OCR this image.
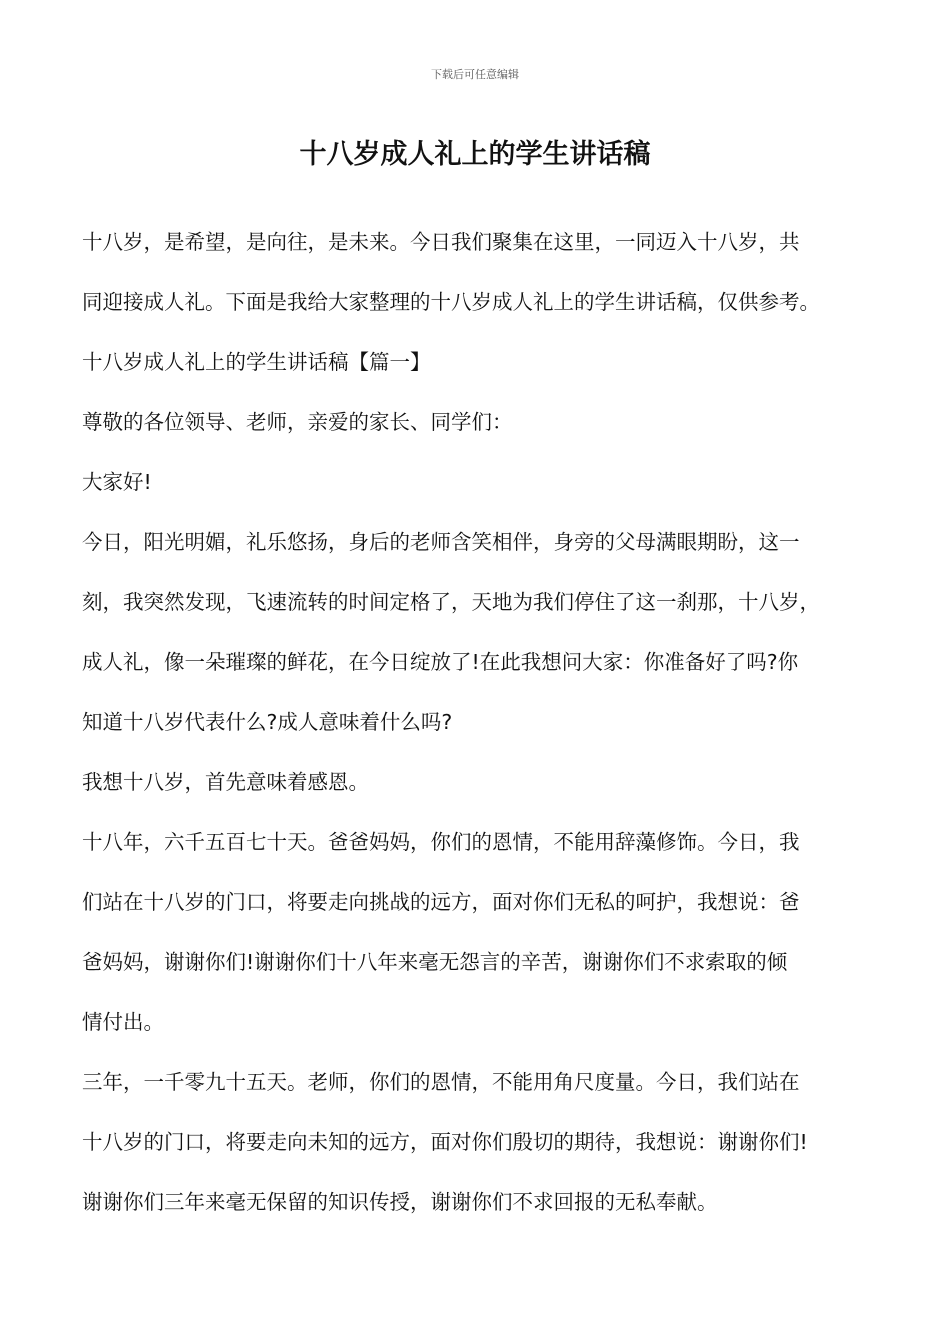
下载后可任意编辑
十八岁成人礼上的学生讲话稿

十八岁，是希望，是向往，是未来。今日我们聚集在这里，一同迈入十八岁，共
同迎接成人礼。下面是我给大家整理的十八岁成人礼上的学生讲话稿，仅供参考。

十八岁成人礼上的学生讲话稿【篇一】

尊敬的各位领导、老师，亲爱的家长、同学们：

大家好!

今日，阳光明媚，礼乐悠扬，身后的老师含笑相伴，身旁的父母满眼期盼，这一
刻，我突然发现，飞速流转的时间定格了，天地为我们停住了这一刹那，十八岁，
成人礼，像一朵璀璨的鲜花，在今日绽放了!在此我想问大家：你准备好了吗?你
知道十八岁代表什么?成人意味着什么吗?

我想十八岁，首先意味着感恩。

十八年，六千五百七十天。爸爸妈妈，你们的恩情，不能用辞藻修饰。今日，我
们站在十八岁的门口，将要走向挑战的远方，面对你们无私的呵护，我想说：爸
爸妈妈，谢谢你们!谢谢你们十八年来毫无怨言的辛苦，谢谢你们不求索取的倾
情付出。

三年，一千零九十五天。老师，你们的恩情，不能用角尺度量。今日，我们站在
十八岁的门口，将要走向未知的远方，面对你们殷切的期待，我想说：谢谢你们!
谢谢你们三年来毫无保留的知识传授，谢谢你们不求回报的无私奉献。
